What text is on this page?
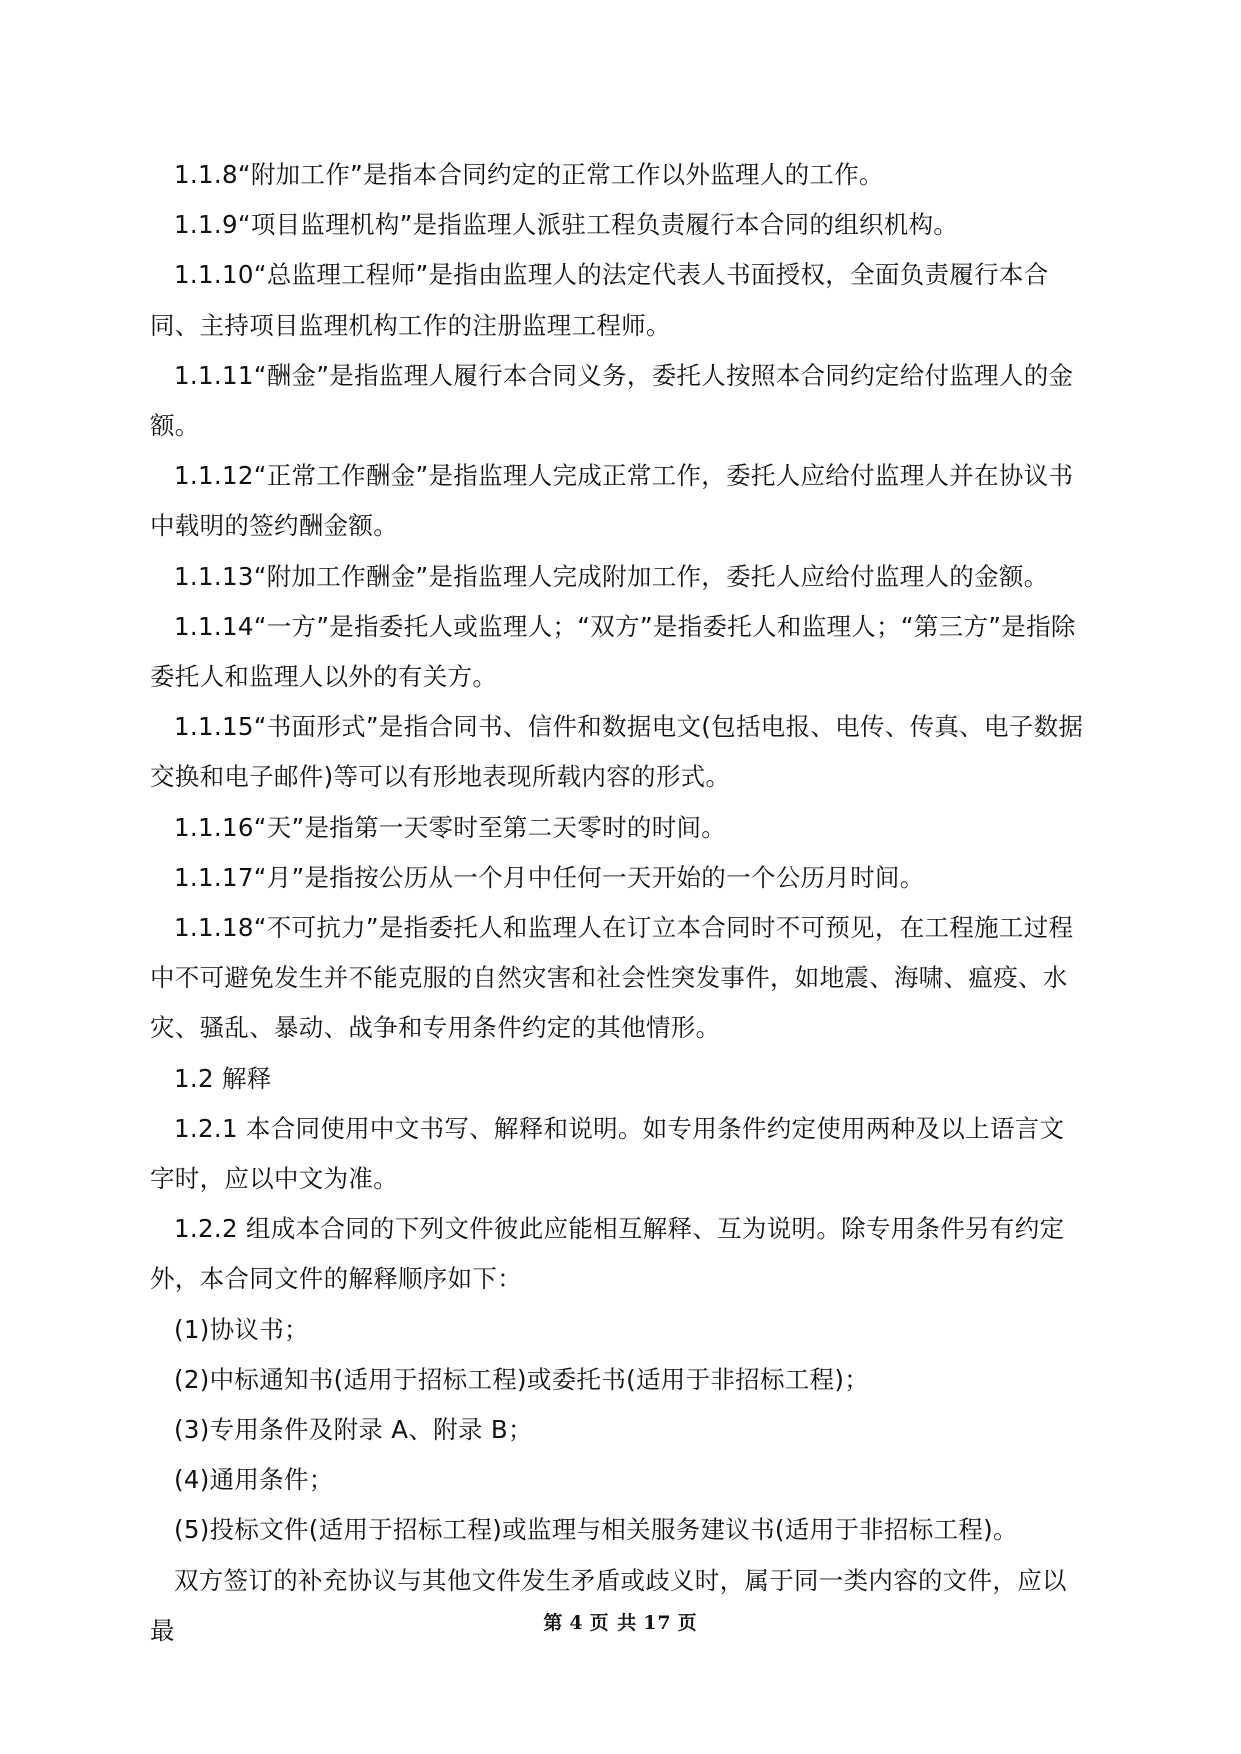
1.1.8“附加工作”是指本合同约定的正常工作以外监理人的工作。

1.1.9“项目监理机构”是指监理人派驻工程负责履行本合同的组织机构。

1.1.10“总监理工程师”是指由监理人的法定代表人书面授权，全面负责履行本合同、主持项目监理机构工作的注册监理工程师。

1.1.11“酬金”是指监理人履行本合同义务，委托人按照本合同约定给付监理人的金额。

1.1.12“正常工作酬金”是指监理人完成正常工作，委托人应给付监理人并在协议书中载明的签约酬金额。

1.1.13“附加工作酬金”是指监理人完成附加工作，委托人应给付监理人的金额。

1.1.14“一方”是指委托人或监理人；“双方”是指委托人和监理人；“第三方”是指除委托人和监理人以外的有关方。

1.1.15“书面形式”是指合同书、信件和数据电文(包括电报、电传、传真、电子数据交换和电子邮件)等可以有形地表现所载内容的形式。

1.1.16“天”是指第一天零时至第二天零时的时间。

1.1.17“月”是指按公历从一个月中任何一天开始的一个公历月时间。

1.1.18“不可抗力”是指委托人和监理人在订立本合同时不可预见，在工程施工过程中不可避免发生并不能克服的自然灾害和社会性突发事件，如地震、海啸、瘟疫、水灾、骚乱、暴动、战争和专用条件约定的其他情形。

1.2 解释

1.2.1 本合同使用中文书写、解释和说明。如专用条件约定使用两种及以上语言文字时，应以中文为准。

1.2.2 组成本合同的下列文件彼此应能相互解释、互为说明。除专用条件另有约定外，本合同文件的解释顺序如下：

(1)协议书；

(2)中标通知书(适用于招标工程)或委托书(适用于非招标工程)；

(3)专用条件及附录 A、附录 B；

(4)通用条件；

(5)投标文件(适用于招标工程)或监理与相关服务建议书(适用于非招标工程)。

双方签订的补充协议与其他文件发生矛盾或歧义时，属于同一类内容的文件，应以最	第 4 页 共 17 页
